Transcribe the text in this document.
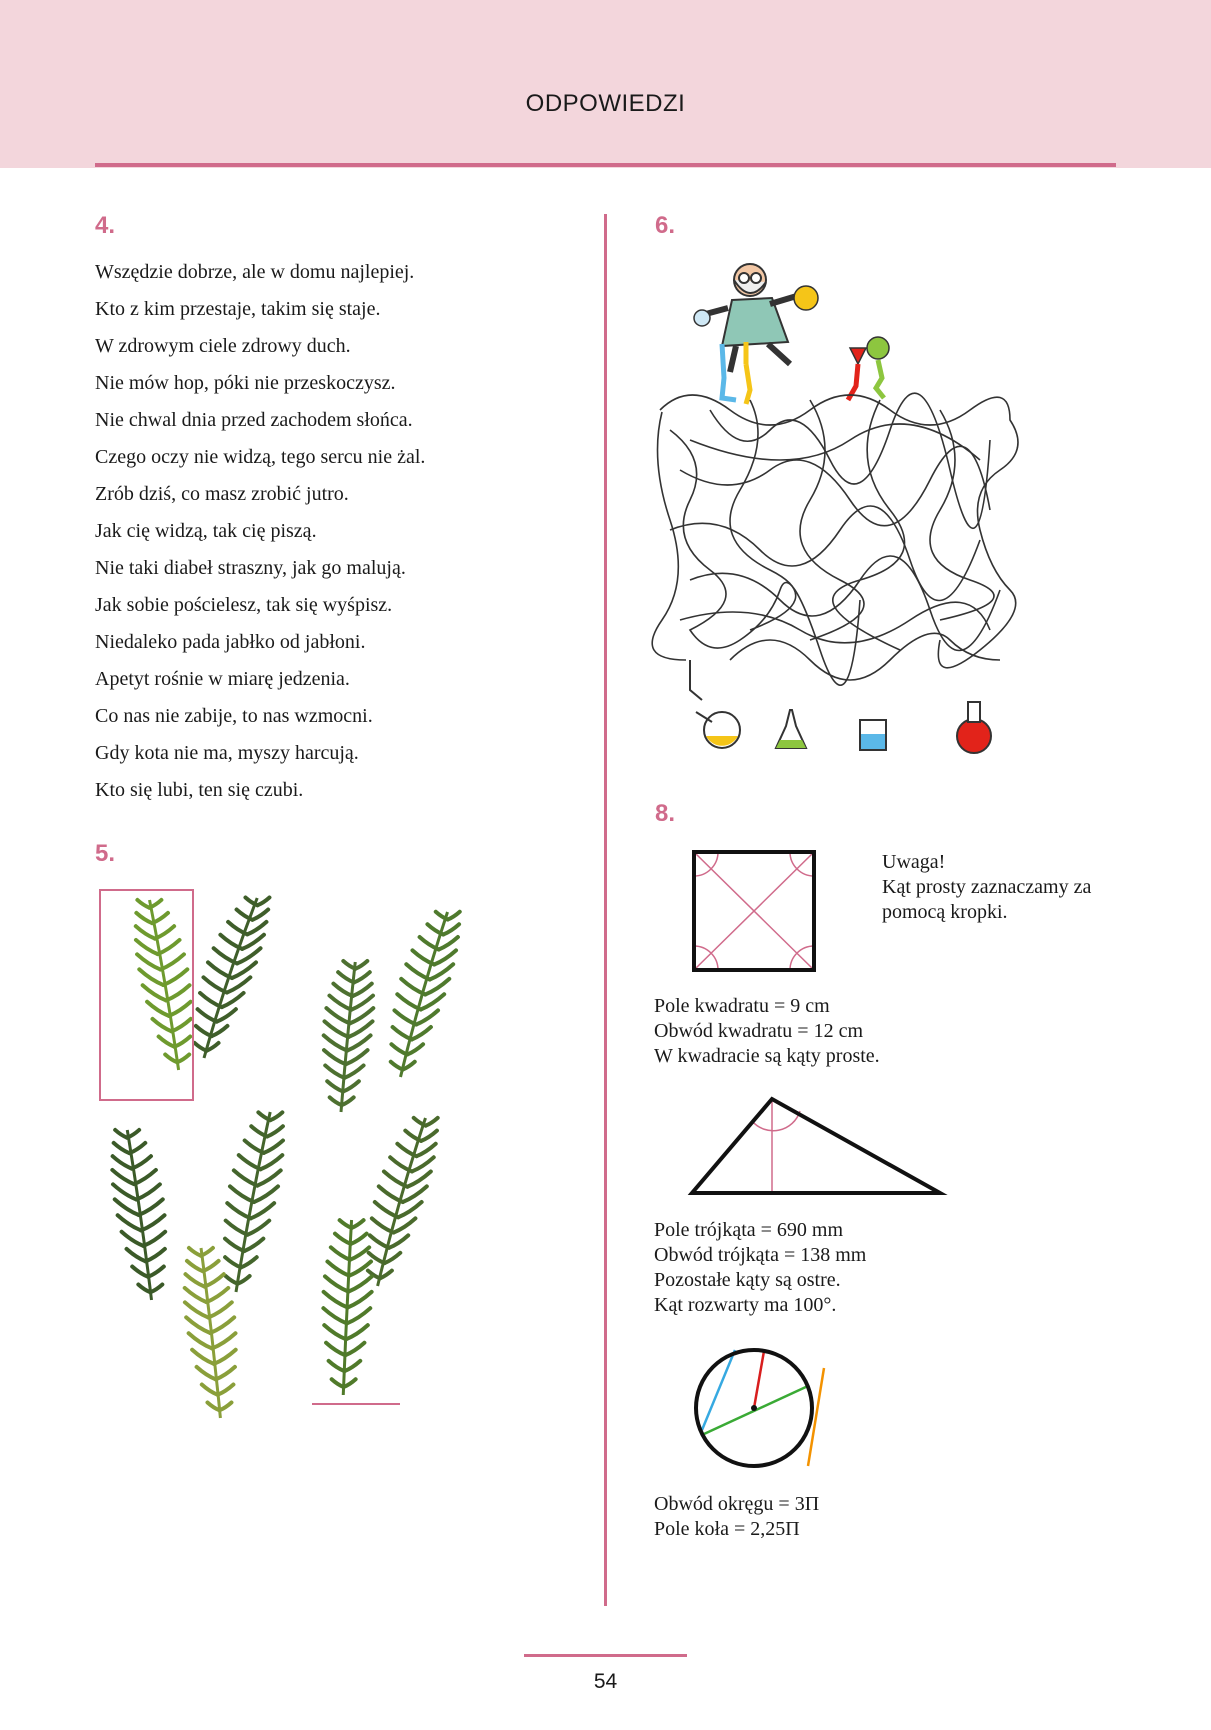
ODPOWIEDZI
4.
Wszędzie dobrze, ale w domu najlepiej.
Kto z kim przestaje, takim się staje.
W zdrowym ciele zdrowy duch.
Nie mów hop, póki nie przeskoczysz.
Nie chwal dnia przed zachodem słońca.
Czego oczy nie widzą, tego sercu nie żal.
Zrób dziś, co masz zrobić jutro.
Jak cię widzą, tak cię piszą.
Nie taki diabeł straszny, jak go malują.
Jak sobie pościelesz, tak się wyśpisz.
Niedaleko pada jabłko od jabłoni.
Apetyt rośnie w miarę jedzenia.
Co nas nie zabije, to nas wzmocni.
Gdy kota nie ma, myszy harcują.
Kto się lubi, ten się czubi.
5.
6.
8.
Uwaga!
Kąt prosty zaznaczamy za
pomocą kropki.
Pole kwadratu = 9 cm
Obwód kwadratu = 12 cm
W kwadracie są kąty proste.
Pole trójkąta = 690 mm
Obwód trójkąta = 138 mm
Pozostałe kąty są ostre.
Kąt rozwarty ma 100°.
Obwód okręgu = 3Π
Pole koła = 2,25Π
54
